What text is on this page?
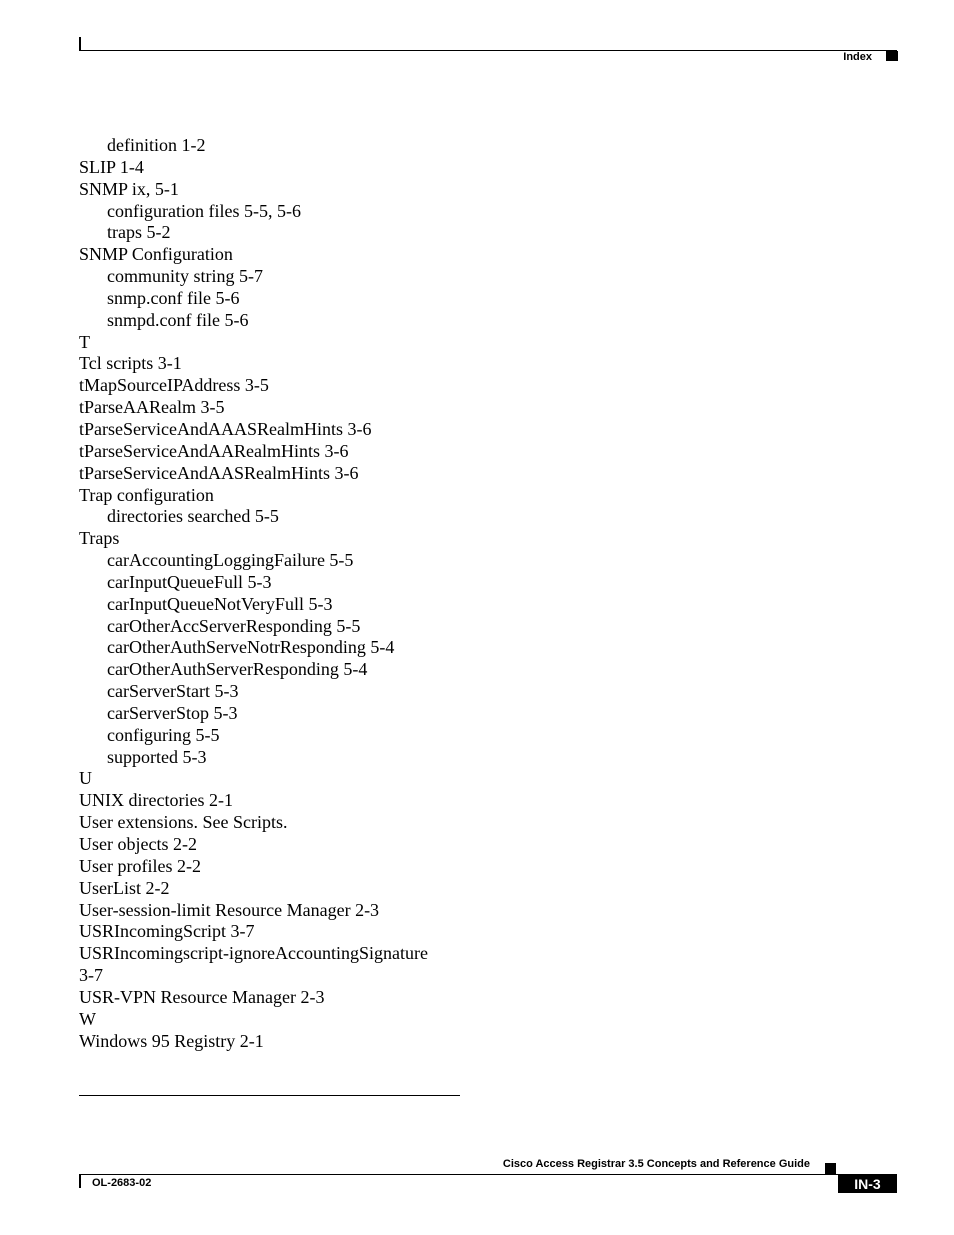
Index
definition 1-2
SLIP 1-4
SNMP ix, 5-1
configuration files 5-5, 5-6
traps 5-2
SNMP Configuration
community string 5-7
snmp.conf file 5-6
snmpd.conf file 5-6
T
Tcl scripts 3-1
tMapSourceIPAddress 3-5
tParseAARealm 3-5
tParseServiceAndAAASRealmHints 3-6
tParseServiceAndAARealmHints 3-6
tParseServiceAndAASRealmHints 3-6
Trap configuration
directories searched 5-5
Traps
carAccountingLoggingFailure 5-5
carInputQueueFull 5-3
carInputQueueNotVeryFull 5-3
carOtherAccServerResponding 5-5
carOtherAuthServeNotrResponding 5-4
carOtherAuthServerResponding 5-4
carServerStart 5-3
carServerStop 5-3
configuring 5-5
supported 5-3
U
UNIX directories 2-1
User extensions. See Scripts.
User objects 2-2
User profiles 2-2
UserList 2-2
User-session-limit Resource Manager 2-3
USRIncomingScript 3-7
USRIncomingscript-ignoreAccountingSignature
3-7
USR-VPN Resource Manager 2-3
W
Windows 95 Registry 2-1
Cisco Access Registrar 3.5 Concepts and Reference Guide
OL-2683-02	IN-3
